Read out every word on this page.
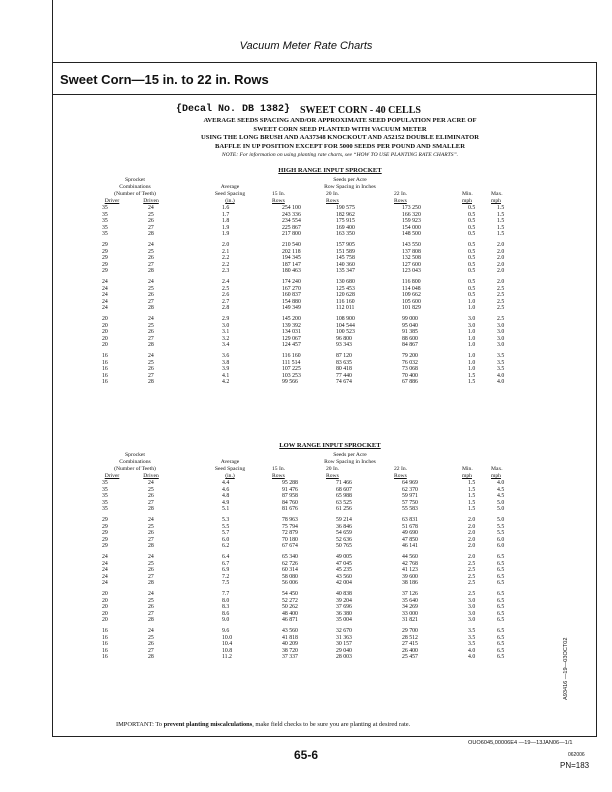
Vacuum Meter Rate Charts
Sweet Corn—15 in. to 22 in. Rows
{Decal No. DB 1382} SWEET CORN - 40 CELLS
AVERAGE SEEDS SPACING AND/OR APPROXIMATE SEED POPULATION PER ACRE OF
SWEET CORN SEED PLANTED WITH VACUUM METER
USING THE LONG BRUSH AND AA37348 KNOCKOUT AND A52152 DOUBLE ELIMINATOR
BAFFLE IN UP POSITION EXCEPT FOR 5000 SEEDS PER POUND AND SMALLER
NOTE: For information on using planting rate charts, see “HOW TO USE PLANTING RATE CHARTS”.
HIGH RANGE INPUT SPROCKET
Sprocket
Combinations
(Number of Teeth)
Driver	Driven
Average
Seed Spacing
(in.)
Seeds per Acre
Row Spacing in Inches
15 In.
Rows
20 In.
Rows
22 In.
Rows
Min.
mph
Max.
mph
35	24	1.6	254 100	190 575	173 250	0.5	1.5
35	25	1.7	243 336	182 962	166 320	0.5	1.5
35	26	1.8	234 554	175 915	159 923	0.5	1.5
35	27	1.9	225 867	169 400	154 000	0.5	1.5
35	28	1.9	217 800	163 350	148 500	0.5	1.5
29	24	2.0	210 540	157 905	143 550	0.5	2.0
29	25	2.1	202 118	151 589	137 808	0.5	2.0
29	26	2.2	194 345	145 758	132 508	0.5	2.0
29	27	2.2	187 147	140 360	127 600	0.5	2.0
29	28	2.3	180 463	135 347	123 043	0.5	2.0
24	24	2.4	174 240	130 680	116 800	0.5	2.0
24	25	2.5	167 270	125 453	114 048	0.5	2.5
24	26	2.6	160 837	120 628	109 662	0.5	2.5
24	27	2.7	154 880	116 160	105 600	1.0	2.5
24	28	2.8	149 349	112 011	101 829	1.0	2.5
20	24	2.9	145 200	108 900	99 000	3.0	2.5
20	25	3.0	139 392	104 544	95 040	3.0	3.0
20	26	3.1	134 031	100 523	91 385	1.0	3.0
20	27	3.2	129 067	96 800	88 600	1.0	3.0
20	28	3.4	124 457	93 343	84 867	1.0	3.0
16	24	3.6	116 160	87 120	79 200	1.0	3.5
16	25	3.8	111 514	83 635	76 032	1.0	3.5
16	26	3.9	107 225	80 418	73 068	1.0	3.5
16	27	4.1	103 253	77 440	70 400	1.5	4.0
16	28	4.2	99 566	74 674	67 886	1.5	4.0
LOW RANGE INPUT SPROCKET
Sprocket
Combinations
(Number of Teeth)
Driver	Driven
Average
Seed Spacing
(in.)
Seeds per Acre
Row Spacing in Inches
15 In.
Rows
20 In.
Rows
22 In.
Rows
Min.
mph
Max.
mph
35	24	4.4	95 288	71 466	64 969	1.5	4.0
35	25	4.6	91 476	68 607	62 370	1.5	4.5
35	26	4.8	87 958	65 988	59 971	1.5	4.5
35	27	4.9	84 760	63 525	57 750	1.5	5.0
35	28	5.1	81 676	61 256	55 583	1.5	5.0
29	24	5.3	78 963	59 214	63 831	2.0	5.0
29	25	5.5	75 794	36 846	51 678	2.0	5.5
29	26	5.7	72 879	54 659	49 690	2.0	5.5
29	27	6.0	70 180	52 636	47 850	2.0	6.0
29	28	6.2	67 674	50 765	46 141	2.0	6.0
24	24	6.4	65 340	49 005	44 560	2.0	6.5
24	25	6.7	62 726	47 045	42 768	2.5	6.5
24	26	6.9	60 314	45 235	41 123	2.5	6.5
24	27	7.2	58 080	43 560	39 600	2.5	6.5
24	28	7.5	56 006	42 004	38 186	2.5	6.5
20	24	7.7	54 450	40 838	37 126	2.5	6.5
20	25	8.0	52 272	39 204	35 640	3.0	6.5
20	26	8.3	50 262	37 696	34 269	3.0	6.5
20	27	8.6	48 400	36 380	33 000	3.0	6.5
20	28	9.0	46 871	35 004	31 821	3.0	6.5
16	24	9.6	43 560	32 670	29 700	3.5	6.5
16	25	10.0	41 818	31 363	28 512	3.5	6.5
16	26	10.4	40 209	30 157	27 415	3.5	6.5
16	27	10.8	38 720	29 040	26 400	4.0	6.5
16	28	11.2	37 337	28 003	25 457	4.0	6.5
IMPORTANT: To prevent planting miscalculations, make field checks to be sure you are planting at desired rate.
A93416 —19—03OCT02
OUO6045,00006E4 —19—13JAN06—1/1
65-6	062006
PN=183
